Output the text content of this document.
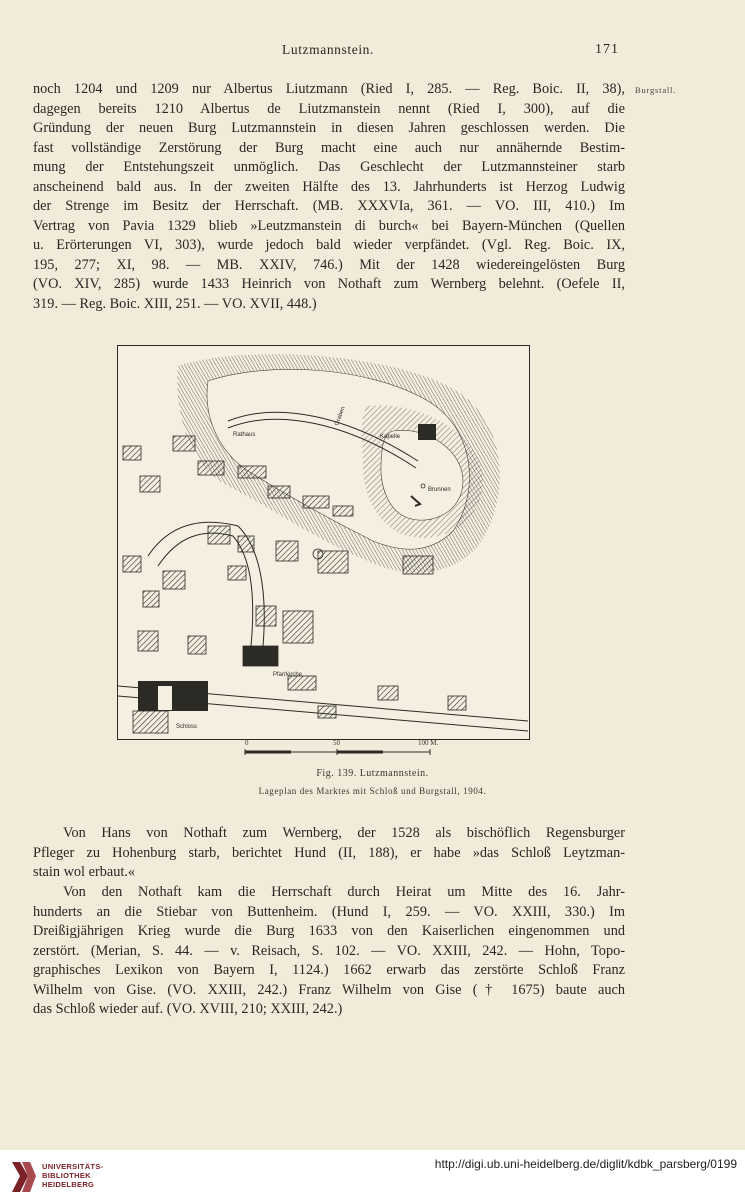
Lutzmannstein.	171
Burgstall.
noch 1204 und 1209 nur Albertus Liutzmann (Ried I, 285. — Reg. Boic. II, 38),
dagegen bereits 1210 Albertus de Liutzmanstein nennt (Ried I, 300), auf die
Gründung der neuen Burg Lutzmannstein in diesen Jahren geschlossen werden. Die
fast vollständige Zerstörung der Burg macht eine auch nur annähernde Bestim-
mung der Entstehungszeit unmöglich. Das Geschlecht der Lutzmannsteiner starb
anscheinend bald aus. In der zweiten Hälfte des 13. Jahrhunderts ist Herzog Ludwig
der Strenge im Besitz der Herrschaft. (MB. XXXVIa, 361. — VO. III, 410.) Im
Vertrag von Pavia 1329 blieb »Leutzmanstein di burch« bei Bayern-München (Quellen
u. Erörterungen VI, 303), wurde jedoch bald wieder verpfändet. (Vgl. Reg. Boic. IX,
195, 277; XI, 98. — MB. XXIV, 746.) Mit der 1428 wiedereingelösten Burg
(VO. XIV, 285) wurde 1433 Heinrich von Nothaft zum Wernberg belehnt. (Oefele II,
319. — Reg. Boic. XIII, 251. — VO. XVII, 448.)
Rathaus
Graben
Kapelle
Brunnen
Pfarrkirche
Schloss
0	50	100 M.
Fig. 139. Lutzmannstein.
Lageplan des Marktes mit Schloß und Burgstall, 1904.
Von Hans von Nothaft zum Wernberg, der 1528 als bischöflich Regensburger
Pfleger zu Hohenburg starb, berichtet Hund (II, 188), er habe »das Schloß Leytzman-
stain wol erbaut.«
Von den Nothaft kam die Herrschaft durch Heirat um Mitte des 16. Jahr-
hunderts an die Stiebar von Buttenheim. (Hund I, 259. — VO. XXIII, 330.) Im
Dreißigjährigen Krieg wurde die Burg 1633 von den Kaiserlichen eingenommen und
zerstört. (Merian, S. 44. — v. Reisach, S. 102. — VO. XXIII, 242. — Hohn, Topo-
graphisches Lexikon von Bayern I, 1124.) 1662 erwarb das zerstörte Schloß Franz
Wilhelm von Gise. (VO. XXIII, 242.) Franz Wilhelm von Gise († 1675) baute auch
das Schloß wieder auf. (VO. XVIII, 210; XXIII, 242.)
UNIVERSITÄTS-
BIBLIOTHEK
HEIDELBERG
http://digi.ub.uni-heidelberg.de/diglit/kdbk_parsberg/0199
